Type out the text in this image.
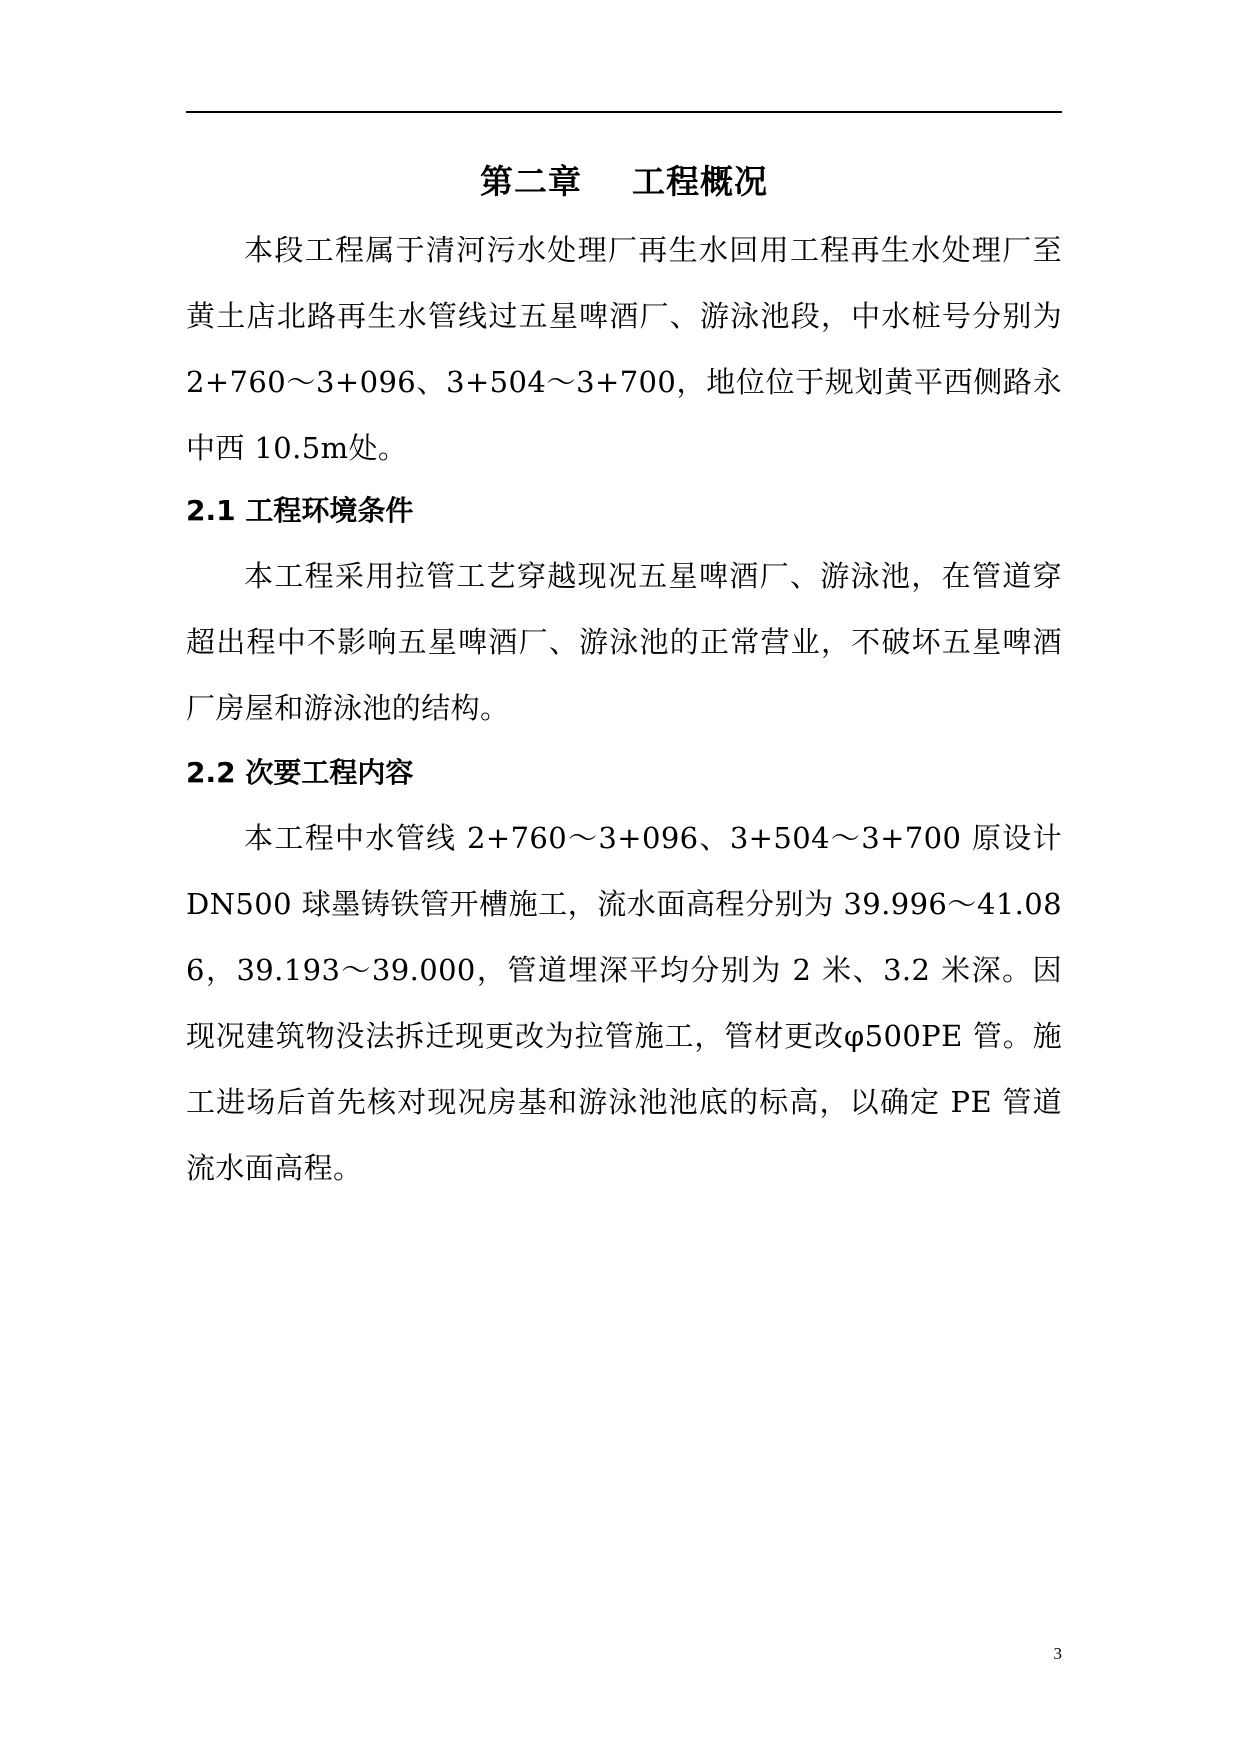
第二章    工程概况

本段工程属于清河污水处理厂再生水回用工程再生水处理厂至黄土店北路再生水管线过五星啤酒厂、游泳池段，中水桩号分别为 2+760～3+096、3+504～3+700，地位位于规划黄平西侧路永中西 10.5m处。

2.1 工程环境条件

本工程采用拉管工艺穿越现况五星啤酒厂、游泳池，在管道穿超出程中不影响五星啤酒厂、游泳池的正常营业，不破坏五星啤酒厂房屋和游泳池的结构。

2.2 次要工程内容

本工程中水管线 2+760～3+096、3+504～3+700 原设计 DN500 球墨铸铁管开槽施工，流水面高程分别为 39.996～41.086，39.193～39.000，管道埋深平均分别为 2 米、3.2 米深。因现况建筑物没法拆迁现更改为拉管施工，管材更改φ500PE 管。施工进场后首先核对现况房基和游泳池池底的标高，以确定 PE 管道流水面高程。

3
